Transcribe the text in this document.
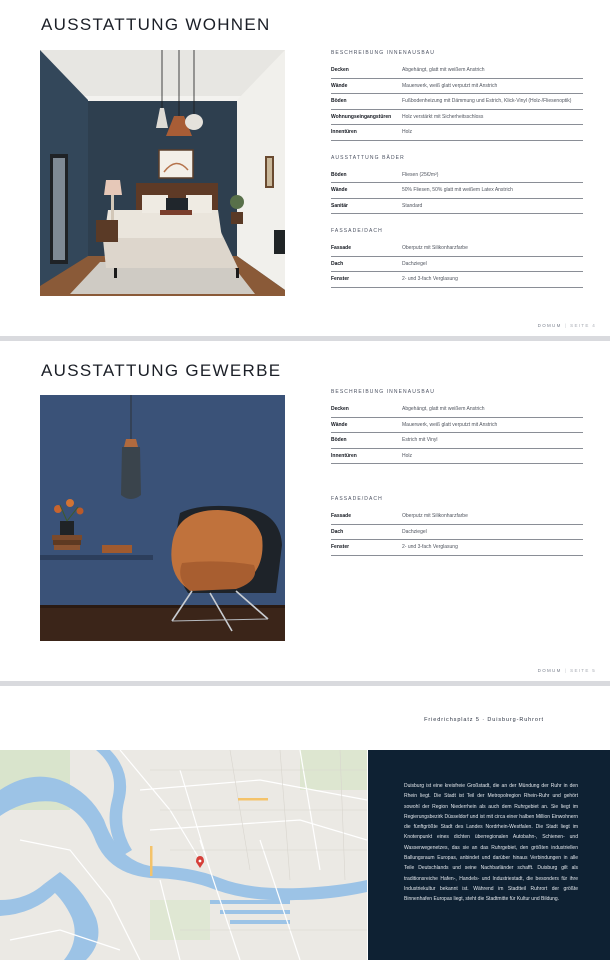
AUSSTATTUNG WOHNEN
BESCHREIBUNG INNENAUSBAU
Decken	Abgehängt, glatt mit weißem Anstrich
Wände	Mauerwerk, weiß glatt verputzt mit Anstrich
Böden	Fußbodenheizung mit Dämmung und Estrich, Klick-Vinyl (Holz-/Fliesenoptik)
Wohnungseingangstüren	Holz verstärkt mit Sicherheitsschloss
Innentüren	Holz
AUSSTATTUNG BÄDER
Böden	Fliesen (25€/m²)
Wände	50% Fliesen, 50% glatt mit weißem Latex Anstrich
Sanitär	Standard
FASSADE/DACH
Fassade	Oberputz mit Silikonharzfarbe
Dach	Dachziegel
Fenster	2- und 3-fach Verglasung
DOMUM | SEITE 4
AUSSTATTUNG GEWERBE
BESCHREIBUNG INNENAUSBAU
Decken	Abgehängt, glatt mit weißem Anstrich
Wände	Mauerwerk, weiß glatt verputzt mit Anstrich
Böden	Estrich mit Vinyl
Innentüren	Holz
FASSADE/DACH
Fassade	Oberputz mit Silikonharzfarbe
Dach	Dachziegel
Fenster	2- und 3-fach Verglasung
DOMUM | SEITE 5
Friedrichsplatz 5 · Duisburg-Ruhrort

Duisburg ist eine kreisfreie Großstadt, die an der Mündung der Ruhr in den Rhein liegt. Die Stadt ist Teil der Metropolregion Rhein-Ruhr und gehört sowohl der Region Niederrhein als auch dem Ruhrgebiet an. Sie liegt im Regierungsbezirk Düsseldorf und ist mit circa einer halben Million Einwohnern die fünftgrößte Stadt des Landes Nordrhein-Westfalen. Die Stadt liegt im Knotenpunkt eines dichten überregionalen Autobahn-, Schienen- und Wasserwegenetzes, das sie an das Ruhrgebiet, den größten industriellen Ballungsraum Europas, anbindet und darüber hinaus Verbindungen in alle Teile Deutschlands und seine Nachbarländer schafft. Duisburg gilt als traditionsreiche Hafen-, Handels- und Industriestadt, die besonders für ihre Industriekultur bekannt ist. Während im Stadtteil Ruhrort der größte Binnenhafen Europas liegt, steht die Stadtmitte für Kultur und Bildung.
